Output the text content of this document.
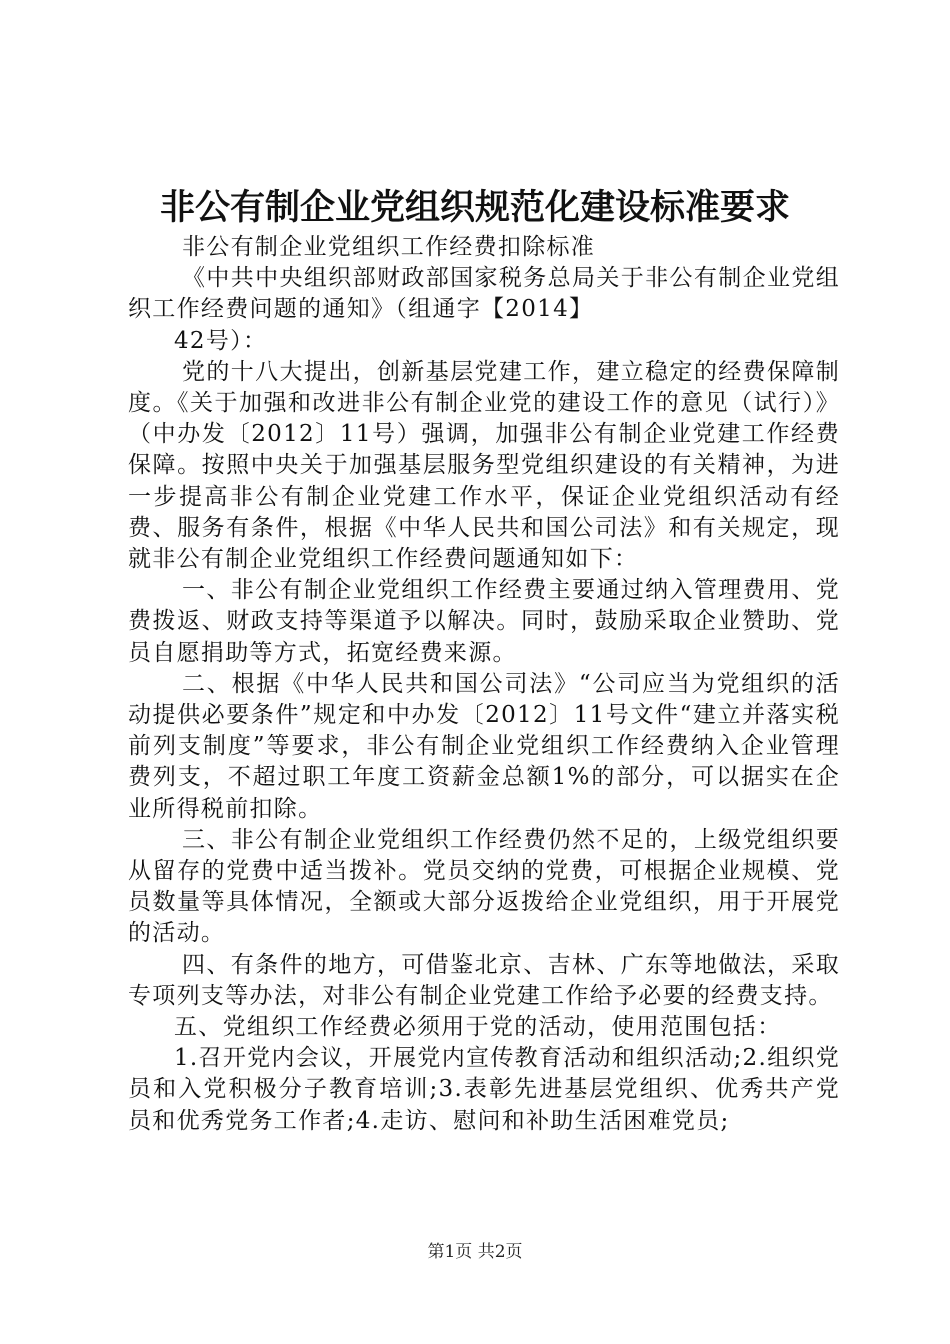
非公有制企业党组织规范化建设标准要求

非公有制企业党组织工作经费扣除标准

《中共中央组织部财政部国家税务总局关于非公有制企业党组织工作经费问题的通知》（组通字【2014】

42号）：

党的十八大提出，创新基层党建工作，建立稳定的经费保障制度。《关于加强和改进非公有制企业党的建设工作的意见（试行）》（中办发〔2012〕11号）强调，加强非公有制企业党建工作经费保障。按照中央关于加强基层服务型党组织建设的有关精神，为进一步提高非公有制企业党建工作水平，保证企业党组织活动有经费、服务有条件，根据《中华人民共和国公司法》和有关规定，现就非公有制企业党组织工作经费问题通知如下：

一、非公有制企业党组织工作经费主要通过纳入管理费用、党费拨返、财政支持等渠道予以解决。同时，鼓励采取企业赞助、党员自愿捐助等方式，拓宽经费来源。

二、根据《中华人民共和国公司法》“公司应当为党组织的活动提供必要条件”规定和中办发〔2012〕11号文件“建立并落实税前列支制度”等要求，非公有制企业党组织工作经费纳入企业管理费列支，不超过职工年度工资薪金总额1%的部分，可以据实在企业所得税前扣除。

三、非公有制企业党组织工作经费仍然不足的，上级党组织要从留存的党费中适当拨补。党员交纳的党费，可根据企业规模、党员数量等具体情况，全额或大部分返拨给企业党组织，用于开展党的活动。

四、有条件的地方，可借鉴北京、吉林、广东等地做法，采取专项列支等办法，对非公有制企业党建工作给予必要的经费支持。

五、党组织工作经费必须用于党的活动，使用范围包括：

1.召开党内会议，开展党内宣传教育活动和组织活动;2.组织党员和入党积极分子教育培训;3.表彰先进基层党组织、优秀共产党员和优秀党务工作者;4.走访、慰问和补助生活困难党员;

第1页 共2页
